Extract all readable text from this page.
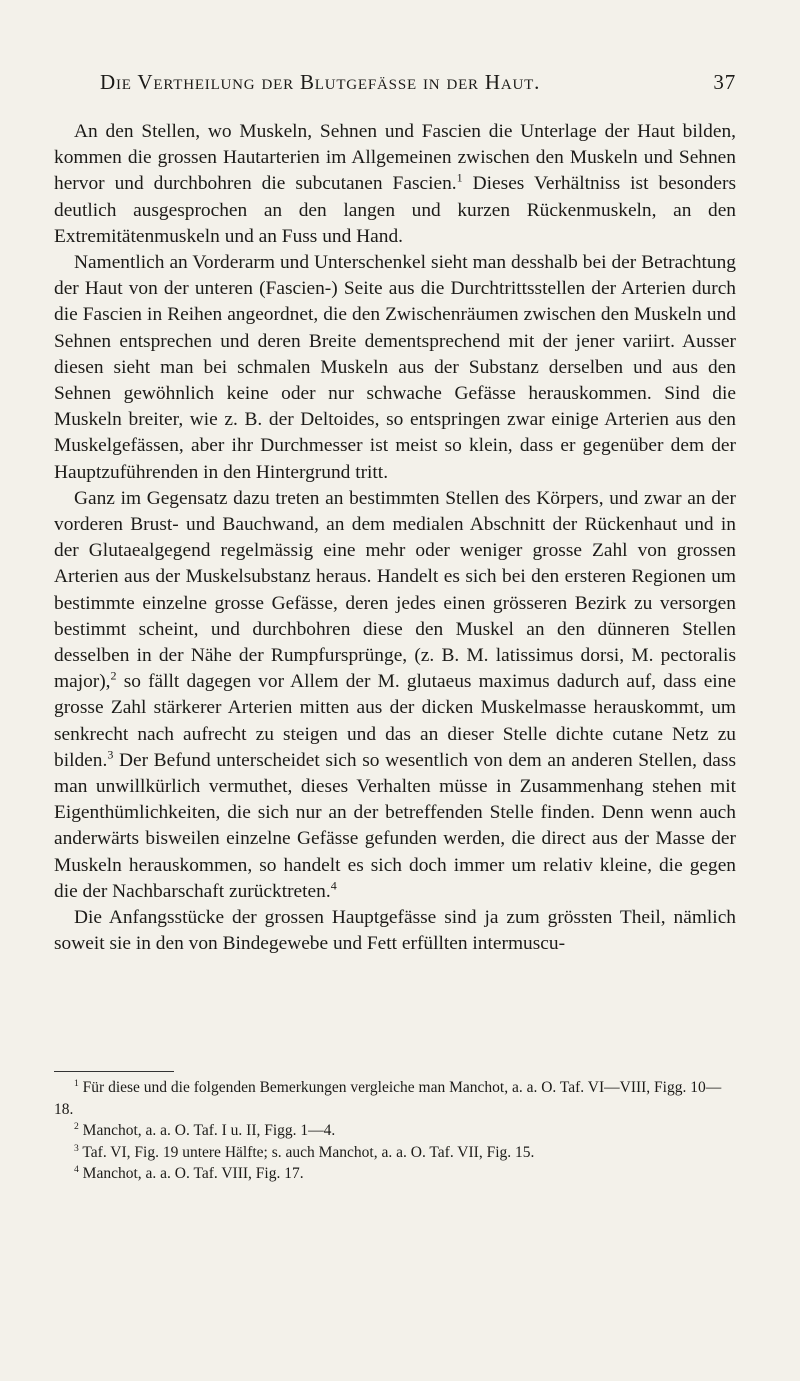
Die Vertheilung der Blutgefässe in der Haut.	37

An den Stellen, wo Muskeln, Sehnen und Fascien die Unterlage der Haut bilden, kommen die grossen Hautarterien im Allgemeinen zwischen den Muskeln und Sehnen hervor und durchbohren die subcutanen Fascien.$^1$ Dieses Verhältniss ist besonders deutlich ausgesprochen an den langen und kurzen Rückenmuskeln, an den Extremitätenmuskeln und an Fuss und Hand.

Namentlich an Vorderarm und Unterschenkel sieht man desshalb bei der Betrachtung der Haut von der unteren (Fascien-) Seite aus die Durchtrittsstellen der Arterien durch die Fascien in Reihen angeordnet, die den Zwischenräumen zwischen den Muskeln und Sehnen entsprechen und deren Breite dementsprechend mit der jener variirt. Ausser diesen sieht man bei schmalen Muskeln aus der Substanz derselben und aus den Sehnen gewöhnlich keine oder nur schwache Gefässe herauskommen. Sind die Muskeln breiter, wie z. B. der Deltoides, so entspringen zwar einige Arterien aus den Muskelgefässen, aber ihr Durchmesser ist meist so klein, dass er gegenüber dem der Hauptzuführenden in den Hintergrund tritt.

Ganz im Gegensatz dazu treten an bestimmten Stellen des Körpers, und zwar an der vorderen Brust- und Bauchwand, an dem medialen Abschnitt der Rückenhaut und in der Glutaealgegend regelmässig eine mehr oder weniger grosse Zahl von grossen Arterien aus der Muskelsubstanz heraus. Handelt es sich bei den ersteren Regionen um bestimmte einzelne grosse Gefässe, deren jedes einen grösseren Bezirk zu versorgen bestimmt scheint, und durchbohren diese den Muskel an den dünneren Stellen desselben in der Nähe der Rumpfursprünge, (z. B. M. latissimus dorsi, M. pectoralis major),$^2$ so fällt dagegen vor Allem der M. glutaeus maximus dadurch auf, dass eine grosse Zahl stärkerer Arterien mitten aus der dicken Muskelmasse herauskommt, um senkrecht nach aufrecht zu steigen und das an dieser Stelle dichte cutane Netz zu bilden.$^3$ Der Befund unterscheidet sich so wesentlich von dem an anderen Stellen, dass man unwillkürlich vermuthet, dieses Verhalten müsse in Zusammenhang stehen mit Eigenthümlichkeiten, die sich nur an der betreffenden Stelle finden. Denn wenn auch anderwärts bisweilen einzelne Gefässe gefunden werden, die direct aus der Masse der Muskeln herauskommen, so handelt es sich doch immer um relativ kleine, die gegen die der Nachbarschaft zurücktreten.$^4$

Die Anfangsstücke der grossen Hauptgefässe sind ja zum grössten Theil, nämlich soweit sie in den von Bindegewebe und Fett erfüllten intermuscu-

$^1$ Für diese und die folgenden Bemerkungen vergleiche man Manchot, a. a. O. Taf. VI—VIII, Figg. 10—18.

$^2$ Manchot, a. a. O. Taf. I u. II, Figg. 1—4.

$^3$ Taf. VI, Fig. 19 untere Hälfte; s. auch Manchot, a. a. O. Taf. VII, Fig. 15.

$^4$ Manchot, a. a. O. Taf. VIII, Fig. 17.
